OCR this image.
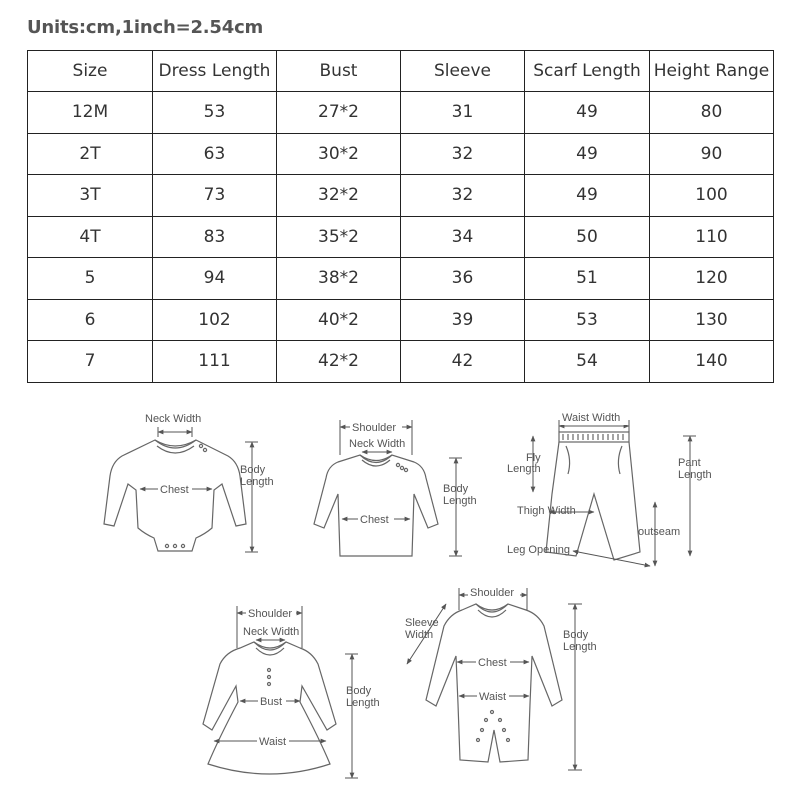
Units:cm,1inch=2.54cm
Size	Dress Length	Bust	Sleeve	Scarf Length	Height Range
12M	53	27*2	31	49	80
2T	63	30*2	32	49	90
3T	73	32*2	32	49	100
4T	83	35*2	34	50	110
5	94	38*2	36	51	120
6	102	40*2	39	53	130
7	111	42*2	42	54	140
Neck Width
Chest
Body
Length
Shoulder
Neck Width
Chest
Body
Length
Waist Width
Fly
Length	Pant
Length
Thigh Width
outseam
Leg Opening
Shoulder
Neck Width
Bust
Waist
Body
Length
Shoulder
Sleeve
Width
Chest
Waist
Body
Length
